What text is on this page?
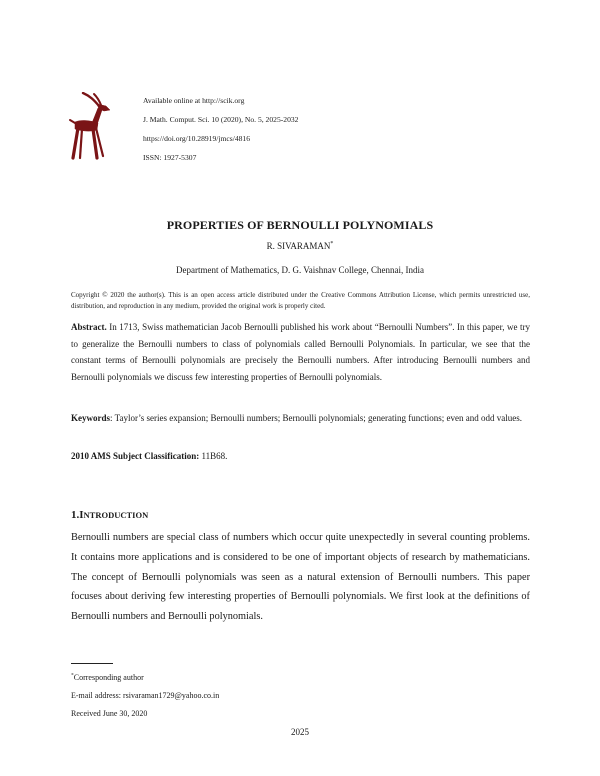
Available online at http://scik.org
J. Math. Comput. Sci. 10 (2020), No. 5, 2025-2032
https://doi.org/10.28919/jmcs/4816
ISSN: 1927-5307
PROPERTIES OF BERNOULLI POLYNOMIALS
R. SIVARAMAN*
Department of Mathematics, D. G. Vaishnav College, Chennai, India
Copyright © 2020 the author(s). This is an open access article distributed under the Creative Commons Attribution License, which permits unrestricted use, distribution, and reproduction in any medium, provided the original work is properly cited.
Abstract. In 1713, Swiss mathematician Jacob Bernoulli published his work about “Bernoulli Numbers”. In this paper, we try to generalize the Bernoulli numbers to class of polynomials called Bernoulli Polynomials. In particular, we see that the constant terms of Bernoulli polynomials are precisely the Bernoulli numbers. After introducing Bernoulli numbers and Bernoulli polynomials we discuss few interesting properties of Bernoulli polynomials.
Keywords: Taylor’s series expansion; Bernoulli numbers; Bernoulli polynomials; generating functions; even and odd values.
2010 AMS Subject Classification: 11B68.
1.INTRODUCTION
Bernoulli numbers are special class of numbers which occur quite unexpectedly in several counting problems. It contains more applications and is considered to be one of important objects of research by mathematicians. The concept of Bernoulli polynomials was seen as a natural extension of Bernoulli numbers. This paper focuses about deriving few interesting properties of Bernoulli polynomials. We first look at the definitions of Bernoulli numbers and Bernoulli polynomials.
*Corresponding author
E-mail address: rsivaraman1729@yahoo.co.in
Received June 30, 2020
2025
